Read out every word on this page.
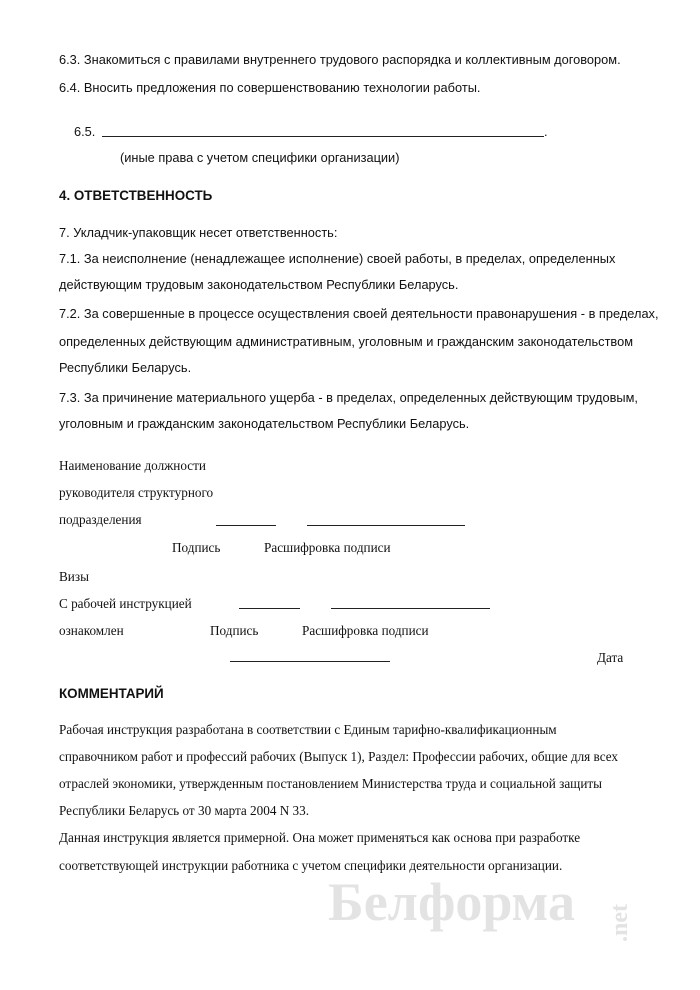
6.3. Знакомиться с правилами внутреннего трудового распорядка и коллективным договором.
6.4. Вносить предложения по совершенствованию технологии работы.
6.5.	.
(иные права с учетом специфики организации)
4. ОТВЕТСТВЕННОСТЬ
7. Укладчик-упаковщик несет ответственность:
7.1. За неисполнение (ненадлежащее исполнение) своей работы, в пределах, определенных
действующим трудовым законодательством Республики Беларусь.
7.2. За совершенные в процессе осуществления своей деятельности правонарушения - в пределах,
определенных действующим административным, уголовным и гражданским законодательством
Республики Беларусь.
7.3. За причинение материального ущерба - в пределах, определенных действующим трудовым,
уголовным и гражданским законодательством Республики Беларусь.
Наименование должности
руководителя структурного
подразделения
Подпись	Расшифровка подписи
Визы
С рабочей инструкцией
ознакомлен	Подпись	Расшифровка подписи
Дата
КОММЕНТАРИЙ
Рабочая инструкция разработана в соответствии с Единым тарифно-квалификационным
справочником работ и профессий рабочих (Выпуск 1), Раздел: Профессии рабочих, общие для всех
отраслей экономики, утвержденным постановлением Министерства труда и социальной защиты
Республики Беларусь от 30 марта 2004 N 33.
Данная инструкция является примерной. Она может применяться как основа при разработке
соответствующей инструкции работника с учетом специфики деятельности организации.
Белформа .net
